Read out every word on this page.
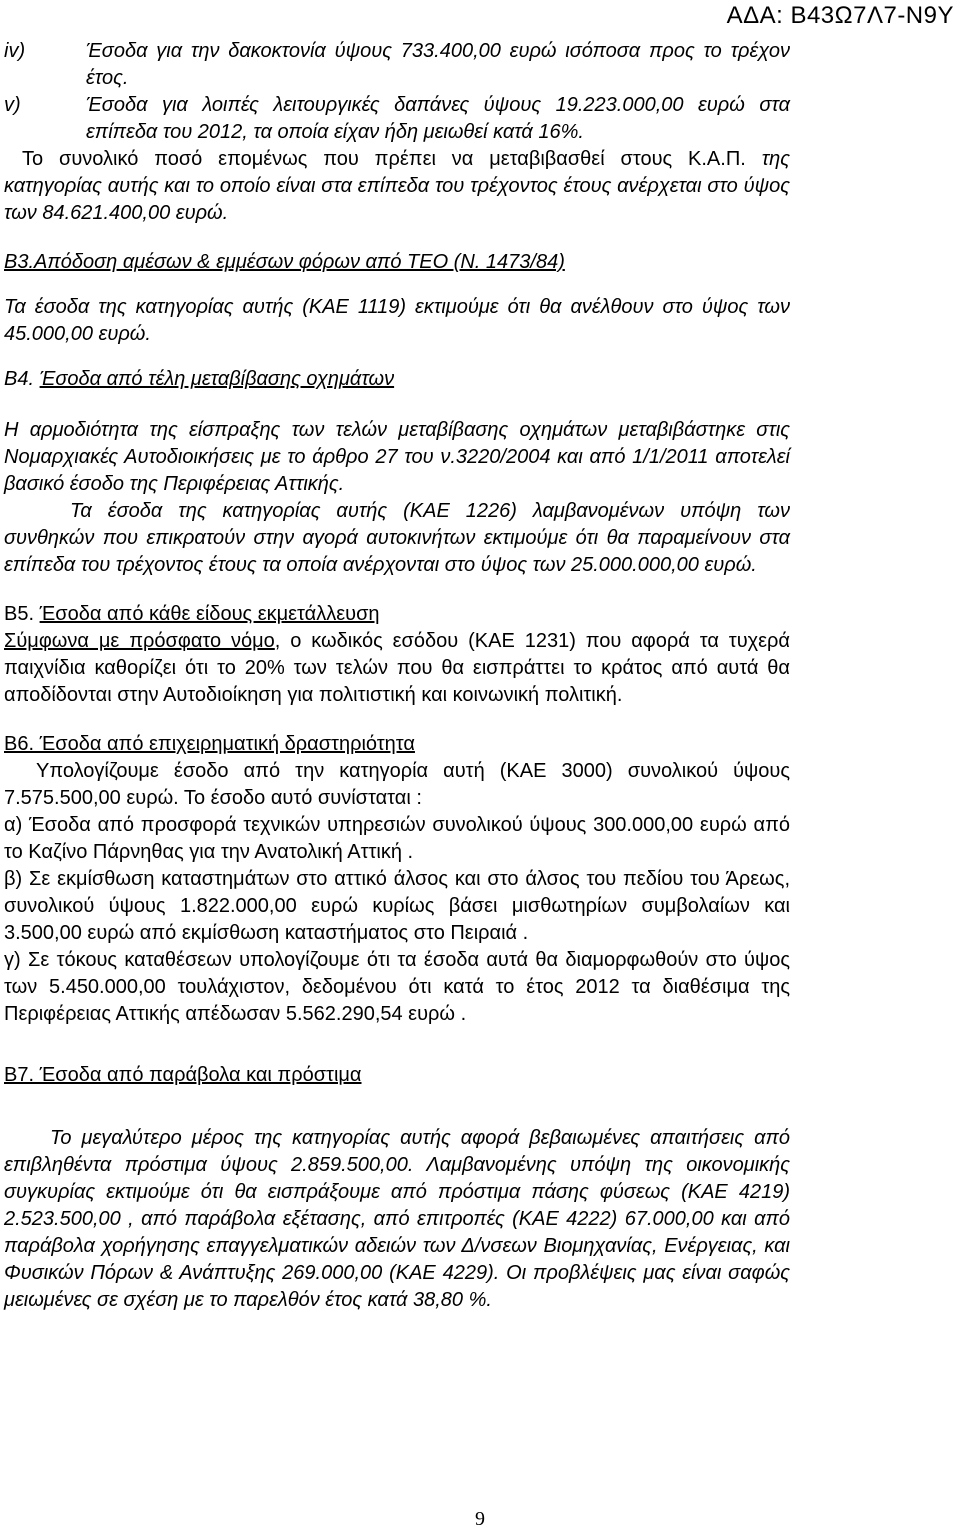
ΑΔΑ: Β43Ω7Λ7-Ν9Υ
iv)	Έσοδα για την δακοκτονία ύψους 733.400,00 ευρώ ισόποσα προς το τρέχον έτος.
v)	Έσοδα για λοιπές λειτουργικές δαπάνες ύψους 19.223.000,00 ευρώ στα επίπεδα του 2012, τα οποία είχαν ήδη μειωθεί κατά 16%.

Το συνολικό ποσό επομένως που πρέπει να μεταβιβασθεί στους Κ.Α.Π. της κατηγορίας αυτής και το οποίο είναι στα επίπεδα του τρέχοντος έτους ανέρχεται στο ύψος των 84.621.400,00 ευρώ.

Β3.Απόδοση αμέσων & εμμέσων φόρων από ΤΕΟ (Ν. 1473/84)

Τα έσοδα της κατηγορίας αυτής (ΚΑΕ 1119) εκτιμούμε ότι θα ανέλθουν στο ύψος των 45.000,00 ευρώ.

Β4. Έσοδα από τέλη μεταβίβασης οχημάτων

Η αρμοδιότητα της είσπραξης των τελών μεταβίβασης οχημάτων μεταβιβάστηκε στις Νομαρχιακές Αυτοδιοικήσεις με το άρθρο 27 του ν.3220/2004 και από 1/1/2011 αποτελεί βασικό έσοδο της Περιφέρειας Αττικής.

Τα έσοδα της κατηγορίας αυτής (ΚΑΕ 1226) λαμβανομένων υπόψη των συνθηκών που επικρατούν στην αγορά αυτοκινήτων εκτιμούμε ότι θα παραμείνουν στα επίπεδα του τρέχοντος έτους τα οποία ανέρχονται στο ύψος των 25.000.000,00 ευρώ.

Β5. Έσοδα από κάθε είδους εκμετάλλευση

Σύμφωνα με πρόσφατο νόμο, ο κωδικός εσόδου (ΚΑΕ 1231) που αφορά τα τυχερά παιχνίδια καθορίζει ότι το 20% των τελών που θα εισπράττει το κράτος από αυτά θα αποδίδονται στην Αυτοδιοίκηση για πολιτιστική και κοινωνική πολιτική.

Β6. Έσοδα από επιχειρηματική δραστηριότητα

Υπολογίζουμε έσοδο από την κατηγορία αυτή (ΚΑΕ 3000) συνολικού ύψους 7.575.500,00 ευρώ. Το έσοδο αυτό συνίσταται :

α) Έσοδα από προσφορά τεχνικών υπηρεσιών συνολικού ύψους 300.000,00 ευρώ από το Καζίνο Πάρνηθας για την Ανατολική Αττική .

β) Σε εκμίσθωση καταστημάτων στο αττικό άλσος και στο άλσος του πεδίου του Άρεως, συνολικού ύψους 1.822.000,00 ευρώ κυρίως βάσει μισθωτηρίων συμβολαίων και 3.500,00 ευρώ από εκμίσθωση καταστήματος στο Πειραιά .

γ) Σε τόκους καταθέσεων υπολογίζουμε ότι τα έσοδα αυτά θα διαμορφωθούν στο ύψος των 5.450.000,00 τουλάχιστον, δεδομένου ότι κατά το έτος 2012 τα διαθέσιμα της Περιφέρειας Αττικής απέδωσαν 5.562.290,54 ευρώ .

Β7. Έσοδα από παράβολα και πρόστιμα

Το μεγαλύτερο μέρος της κατηγορίας αυτής αφορά βεβαιωμένες απαιτήσεις από επιβληθέντα πρόστιμα ύψους 2.859.500,00. Λαμβανομένης υπόψη της οικονομικής συγκυρίας εκτιμούμε ότι θα εισπράξουμε από πρόστιμα πάσης φύσεως (ΚΑΕ 4219) 2.523.500,00 , από παράβολα εξέτασης, από επιτροπές (ΚΑΕ 4222) 67.000,00 και από παράβολα χορήγησης επαγγελματικών αδειών των Δ/νσεων Βιομηχανίας, Ενέργειας, και Φυσικών Πόρων & Ανάπτυξης 269.000,00 (ΚΑΕ 4229). Οι προβλέψεις μας είναι σαφώς μειωμένες σε σχέση με το παρελθόν έτος κατά 38,80 %.

9
